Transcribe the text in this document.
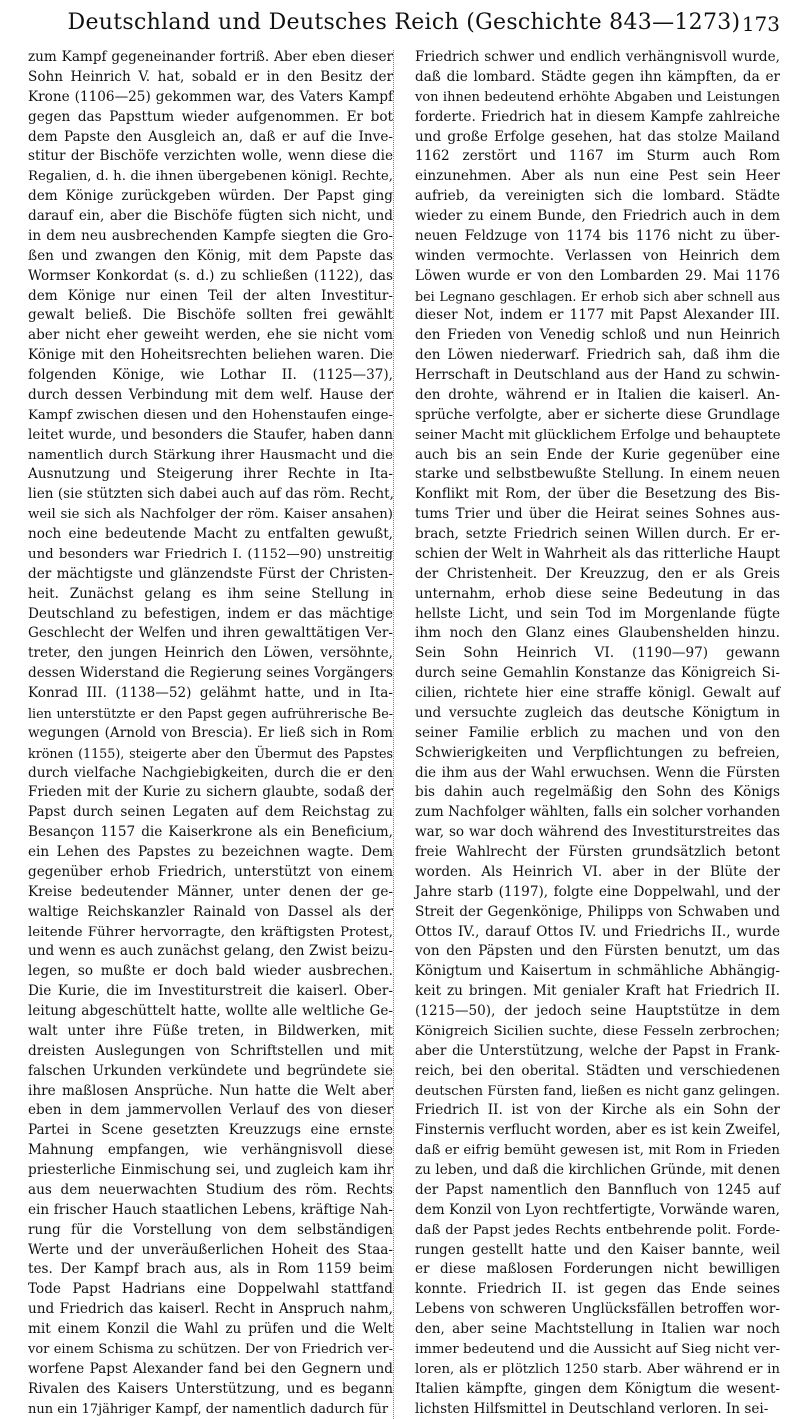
Deutschland und Deutsches Reich (Geschichte 843—1273) 173
zum Kampf gegeneinander fortriß. Aber eben dieser
Sohn Heinrich V. hat, sobald er in den Besitz der
Krone (1106—25) gekommen war, des Vaters Kampf
gegen das Papsttum wieder aufgenommen. Er bot
dem Papste den Ausgleich an, daß er auf die Inve-
stitur der Bischöfe verzichten wolle, wenn diese die
Regalien, d. h. die ihnen übergebenen königl. Rechte,
dem Könige zurückgeben würden. Der Papst ging
darauf ein, aber die Bischöfe fügten sich nicht, und
in dem neu ausbrechenden Kampfe siegten die Gro-
ßen und zwangen den König, mit dem Papste das
Wormser Konkordat (s. d.) zu schließen (1122), das
dem Könige nur einen Teil der alten Investitur-
gewalt beließ. Die Bischöfe sollten frei gewählt
aber nicht eher geweiht werden, ehe sie nicht vom
Könige mit den Hoheitsrechten beliehen waren. Die
folgenden Könige, wie Lothar II. (1125—37),
durch dessen Verbindung mit dem welf. Hause der
Kampf zwischen diesen und den Hohenstaufen einge-
leitet wurde, und besonders die Staufer, haben dann
namentlich durch Stärkung ihrer Hausmacht und die
Ausnutzung und Steigerung ihrer Rechte in Ita-
lien (sie stützten sich dabei auch auf das röm. Recht,
weil sie sich als Nachfolger der röm. Kaiser ansahen)
noch eine bedeutende Macht zu entfalten gewußt,
und besonders war Friedrich I. (1152—90) unstreitig
der mächtigste und glänzendste Fürst der Christen-
heit. Zunächst gelang es ihm seine Stellung in
Deutschland zu befestigen, indem er das mächtige
Geschlecht der Welfen und ihren gewalttätigen Ver-
treter, den jungen Heinrich den Löwen, versöhnte,
dessen Widerstand die Regierung seines Vorgängers
Konrad III. (1138—52) gelähmt hatte, und in Ita-
lien unterstützte er den Papst gegen aufrührerische Be-
wegungen (Arnold von Brescia). Er ließ sich in Rom
krönen (1155), steigerte aber den Übermut des Papstes
durch vielfache Nachgiebigkeiten, durch die er den
Frieden mit der Kurie zu sichern glaubte, sodaß der
Papst durch seinen Legaten auf dem Reichstag zu
Besançon 1157 die Kaiserkrone als ein Beneficium,
ein Lehen des Papstes zu bezeichnen wagte. Dem
gegenüber erhob Friedrich, unterstützt von einem
Kreise bedeutender Männer, unter denen der ge-
waltige Reichskanzler Rainald von Dassel als der
leitende Führer hervorragte, den kräftigsten Protest,
und wenn es auch zunächst gelang, den Zwist beizu-
legen, so mußte er doch bald wieder ausbrechen.
Die Kurie, die im Investiturstreit die kaiserl. Ober-
leitung abgeschüttelt hatte, wollte alle weltliche Ge-
walt unter ihre Füße treten, in Bildwerken, mit
dreisten Auslegungen von Schriftstellen und mit
falschen Urkunden verkündete und begründete sie
ihre maßlosen Ansprüche. Nun hatte die Welt aber
eben in dem jammervollen Verlauf des von dieser
Partei in Scene gesetzten Kreuzzugs eine ernste
Mahnung empfangen, wie verhängnisvoll diese
priesterliche Einmischung sei, und zugleich kam ihr
aus dem neuerwachten Studium des röm. Rechts
ein frischer Hauch staatlichen Lebens, kräftige Nah-
rung für die Vorstellung von dem selbständigen
Werte und der unveräußerlichen Hoheit des Staa-
tes. Der Kampf brach aus, als in Rom 1159 beim
Tode Papst Hadrians eine Doppelwahl stattfand
und Friedrich das kaiserl. Recht in Anspruch nahm,
mit einem Konzil die Wahl zu prüfen und die Welt
vor einem Schisma zu schützen. Der von Friedrich ver-
worfene Papst Alexander fand bei den Gegnern und
Rivalen des Kaisers Unterstützung, und es begann
nun ein 17jähriger Kampf, der namentlich dadurch für
Friedrich schwer und endlich verhängnisvoll wurde,
daß die lombard. Städte gegen ihn kämpften, da er
von ihnen bedeutend erhöhte Abgaben und Leistungen
forderte. Friedrich hat in diesem Kampfe zahlreiche
und große Erfolge gesehen, hat das stolze Mailand
1162 zerstört und 1167 im Sturm auch Rom
einzunehmen. Aber als nun eine Pest sein Heer
aufrieb, da vereinigten sich die lombard. Städte
wieder zu einem Bunde, den Friedrich auch in dem
neuen Feldzuge von 1174 bis 1176 nicht zu über-
winden vermochte. Verlassen von Heinrich dem
Löwen wurde er von den Lombarden 29. Mai 1176
bei Legnano geschlagen. Er erhob sich aber schnell aus
dieser Not, indem er 1177 mit Papst Alexander III.
den Frieden von Venedig schloß und nun Heinrich
den Löwen niederwarf. Friedrich sah, daß ihm die
Herrschaft in Deutschland aus der Hand zu schwin-
den drohte, während er in Italien die kaiserl. An-
sprüche verfolgte, aber er sicherte diese Grundlage
seiner Macht mit glücklichem Erfolge und behauptete
auch bis an sein Ende der Kurie gegenüber eine
starke und selbstbewußte Stellung. In einem neuen
Konflikt mit Rom, der über die Besetzung des Bis-
tums Trier und über die Heirat seines Sohnes aus-
brach, setzte Friedrich seinen Willen durch. Er er-
schien der Welt in Wahrheit als das ritterliche Haupt
der Christenheit. Der Kreuzzug, den er als Greis
unternahm, erhob diese seine Bedeutung in das
hellste Licht, und sein Tod im Morgenlande fügte
ihm noch den Glanz eines Glaubenshelden hinzu.
Sein Sohn Heinrich VI. (1190—97) gewann
durch seine Gemahlin Konstanze das Königreich Si-
cilien, richtete hier eine straffe königl. Gewalt auf
und versuchte zugleich das deutsche Königtum in
seiner Familie erblich zu machen und von den
Schwierigkeiten und Verpflichtungen zu befreien,
die ihm aus der Wahl erwuchsen. Wenn die Fürsten
bis dahin auch regelmäßig den Sohn des Königs
zum Nachfolger wählten, falls ein solcher vorhanden
war, so war doch während des Investiturstreites das
freie Wahlrecht der Fürsten grundsätzlich betont
worden. Als Heinrich VI. aber in der Blüte der
Jahre starb (1197), folgte eine Doppelwahl, und der
Streit der Gegenkönige, Philipps von Schwaben und
Ottos IV., darauf Ottos IV. und Friedrichs II., wurde
von den Päpsten und den Fürsten benutzt, um das
Königtum und Kaisertum in schmähliche Abhängig-
keit zu bringen. Mit genialer Kraft hat Friedrich II.
(1215—50), der jedoch seine Hauptstütze in dem
Königreich Sicilien suchte, diese Fesseln zerbrochen;
aber die Unterstützung, welche der Papst in Frank-
reich, bei den oberital. Städten und verschiedenen
deutschen Fürsten fand, ließen es nicht ganz gelingen.
Friedrich II. ist von der Kirche als ein Sohn der
Finsternis verflucht worden, aber es ist kein Zweifel,
daß er eifrig bemüht gewesen ist, mit Rom in Frieden
zu leben, und daß die kirchlichen Gründe, mit denen
der Papst namentlich den Bannfluch von 1245 auf
dem Konzil von Lyon rechtfertigte, Vorwände waren,
daß der Papst jedes Rechts entbehrende polit. Forde-
rungen gestellt hatte und den Kaiser bannte, weil
er diese maßlosen Forderungen nicht bewilligen
konnte. Friedrich II. ist gegen das Ende seines
Lebens von schweren Unglücksfällen betroffen wor-
den, aber seine Machtstellung in Italien war noch
immer bedeutend und die Aussicht auf Sieg nicht ver-
loren, als er plötzlich 1250 starb. Aber während er in
Italien kämpfte, gingen dem Königtum die wesent-
lichsten Hilfsmittel in Deutschland verloren. In sei-
